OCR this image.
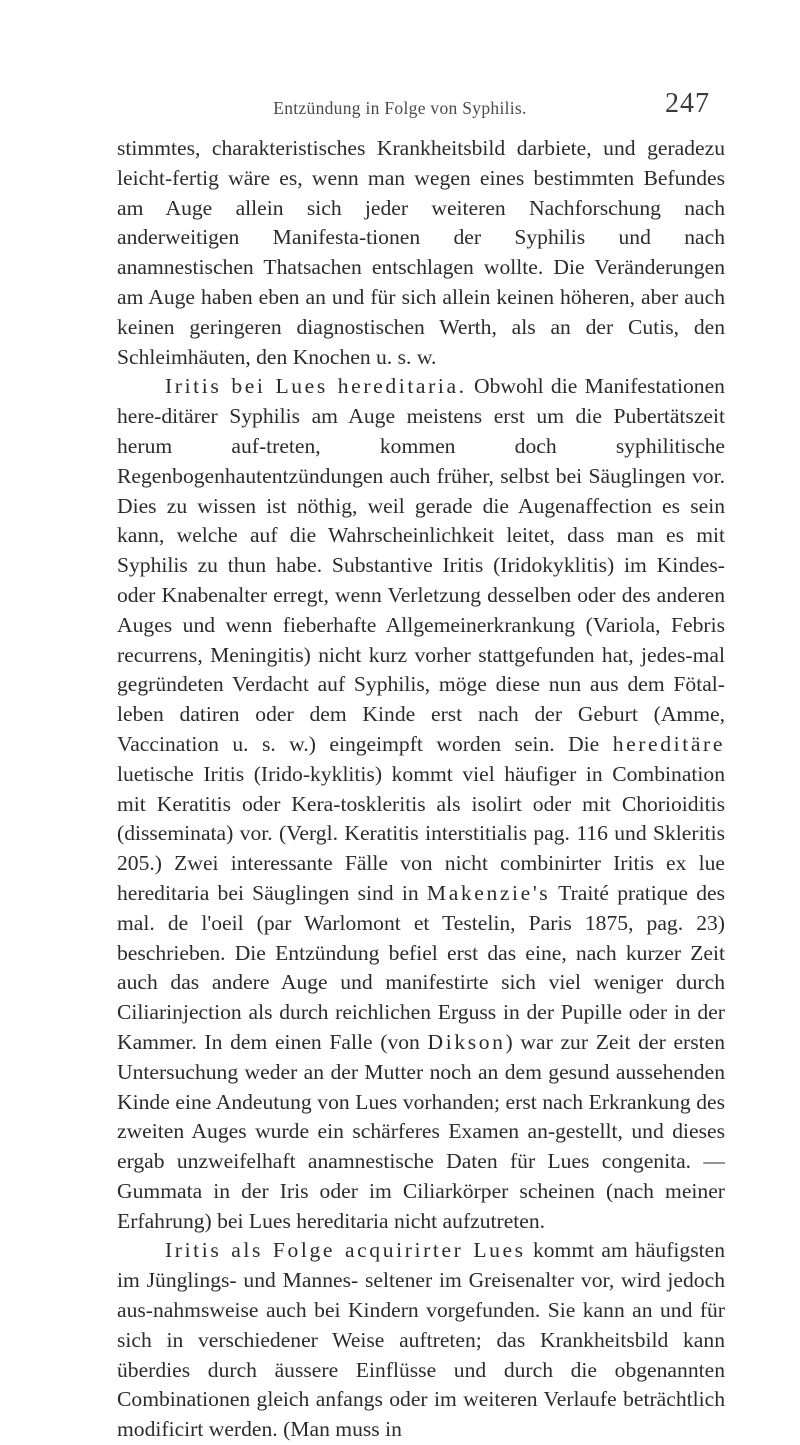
Entzündung in Folge von Syphilis.	247

stimmtes, charakteristisches Krankheitsbild darbiete, und geradezu leicht-fertig wäre es, wenn man wegen eines bestimmten Befundes am Auge allein sich jeder weiteren Nachforschung nach anderweitigen Manifesta-tionen der Syphilis und nach anamnestischen Thatsachen entschlagen wollte. Die Veränderungen am Auge haben eben an und für sich allein keinen höheren, aber auch keinen geringeren diagnostischen Werth, als an der Cutis, den Schleimhäuten, den Knochen u. s. w.

Iritis bei Lues hereditaria. Obwohl die Manifestationen here-ditärer Syphilis am Auge meistens erst um die Pubertätszeit herum auf-treten, kommen doch syphilitische Regenbogenhautentzündungen auch früher, selbst bei Säuglingen vor. Dies zu wissen ist nöthig, weil gerade die Augenaffection es sein kann, welche auf die Wahrscheinlichkeit leitet, dass man es mit Syphilis zu thun habe. Substantive Iritis (Iridokyklitis) im Kindes- oder Knabenalter erregt, wenn Verletzung desselben oder des anderen Auges und wenn fieberhafte Allgemeinerkrankung (Variola, Febris recurrens, Meningitis) nicht kurz vorher stattgefunden hat, jedes-mal gegründeten Verdacht auf Syphilis, möge diese nun aus dem Fötal-leben datiren oder dem Kinde erst nach der Geburt (Amme, Vaccination u. s. w.) eingeimpft worden sein. Die hereditäre luetische Iritis (Irido-kyklitis) kommt viel häufiger in Combination mit Keratitis oder Kera-toskleritis als isolirt oder mit Chorioiditis (disseminata) vor. (Vergl. Keratitis interstitialis pag. 116 und Skleritis 205.) Zwei interessante Fälle von nicht combinirter Iritis ex lue hereditaria bei Säuglingen sind in Makenzie's Traité pratique des mal. de l'oeil (par Warlomont et Testelin, Paris 1875, pag. 23) beschrieben. Die Entzündung befiel erst das eine, nach kurzer Zeit auch das andere Auge und manifestirte sich viel weniger durch Ciliarinjection als durch reichlichen Erguss in der Pupille oder in der Kammer. In dem einen Falle (von Dikson) war zur Zeit der ersten Untersuchung weder an der Mutter noch an dem gesund aussehenden Kinde eine Andeutung von Lues vorhanden; erst nach Erkrankung des zweiten Auges wurde ein schärferes Examen an-gestellt, und dieses ergab unzweifelhaft anamnestische Daten für Lues congenita. — Gummata in der Iris oder im Ciliarkörper scheinen (nach meiner Erfahrung) bei Lues hereditaria nicht aufzutreten.

Iritis als Folge acquirirter Lues kommt am häufigsten im Jünglings- und Mannes- seltener im Greisenalter vor, wird jedoch aus-nahmsweise auch bei Kindern vorgefunden. Sie kann an und für sich in verschiedener Weise auftreten; das Krankheitsbild kann überdies durch äussere Einflüsse und durch die obgenannten Combinationen gleich anfangs oder im weiteren Verlaufe beträchtlich modificirt werden. (Man muss in
